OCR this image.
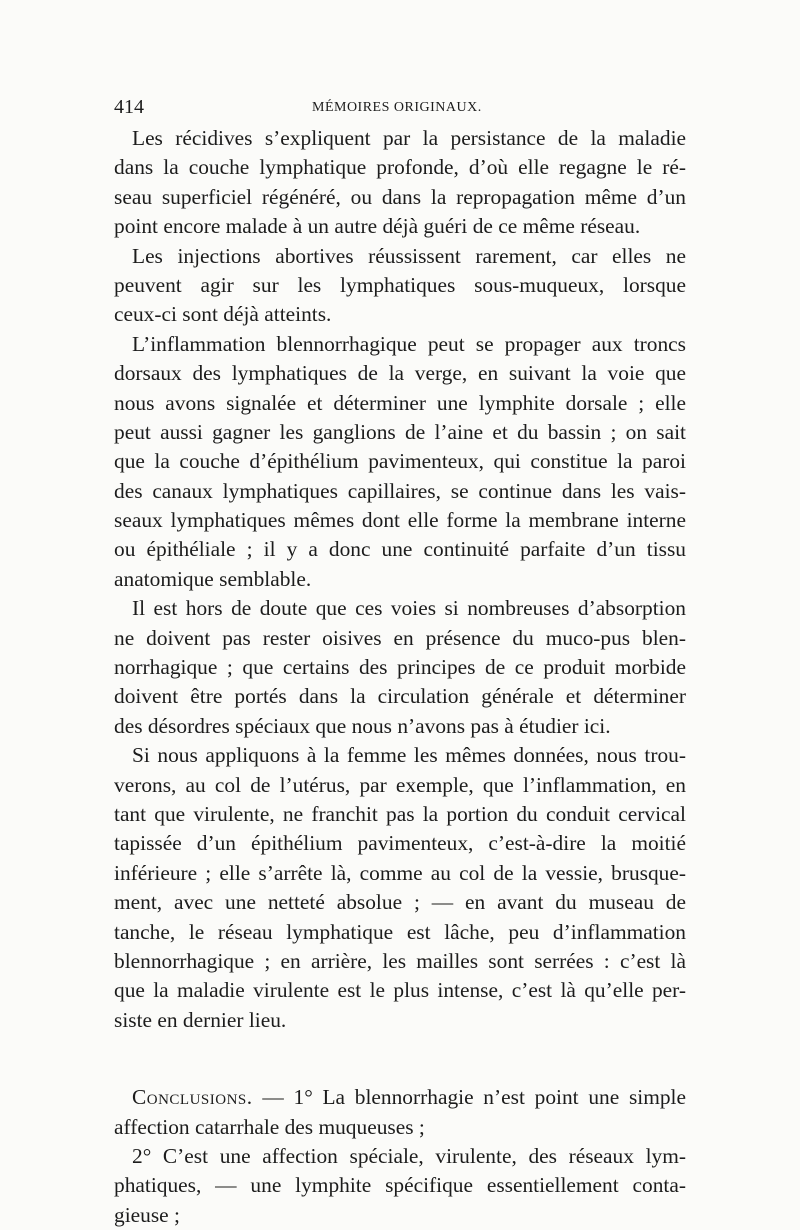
414	MÉMOIRES ORIGINAUX.
Les récidives s’expliquent par la persistance de la maladie
dans la couche lymphatique profonde, d’où elle regagne le ré-
seau superficiel régénéré, ou dans la repropagation même d’un
point encore malade à un autre déjà guéri de ce même réseau.
Les injections abortives réussissent rarement, car elles ne
peuvent agir sur les lymphatiques sous-muqueux, lorsque
ceux-ci sont déjà atteints.
L’inflammation blennorrhagique peut se propager aux troncs
dorsaux des lymphatiques de la verge, en suivant la voie que
nous avons signalée et déterminer une lymphite dorsale ; elle
peut aussi gagner les ganglions de l’aine et du bassin ; on sait
que la couche d’épithélium pavimenteux, qui constitue la paroi
des canaux lymphatiques capillaires, se continue dans les vais-
seaux lymphatiques mêmes dont elle forme la membrane interne
ou épithéliale ; il y a donc une continuité parfaite d’un tissu
anatomique semblable.
Il est hors de doute que ces voies si nombreuses d’absorption
ne doivent pas rester oisives en présence du muco-pus blen-
norrhagique ; que certains des principes de ce produit morbide
doivent être portés dans la circulation générale et déterminer
des désordres spéciaux que nous n’avons pas à étudier ici.
Si nous appliquons à la femme les mêmes données, nous trou-
verons, au col de l’utérus, par exemple, que l’inflammation, en
tant que virulente, ne franchit pas la portion du conduit cervical
tapissée d’un épithélium pavimenteux, c’est-à-dire la moitié
inférieure ; elle s’arrête là, comme au col de la vessie, brusque-
ment, avec une netteté absolue ; — en avant du museau de
tanche, le réseau lymphatique est lâche, peu d’inflammation
blennorrhagique ; en arrière, les mailles sont serrées : c’est là
que la maladie virulente est le plus intense, c’est là qu’elle per-
siste en dernier lieu.
Conclusions. — 1° La blennorrhagie n’est point une simple
affection catarrhale des muqueuses ;
2° C’est une affection spéciale, virulente, des réseaux lym-
phatiques, — une lymphite spécifique essentiellement conta-
gieuse ;
